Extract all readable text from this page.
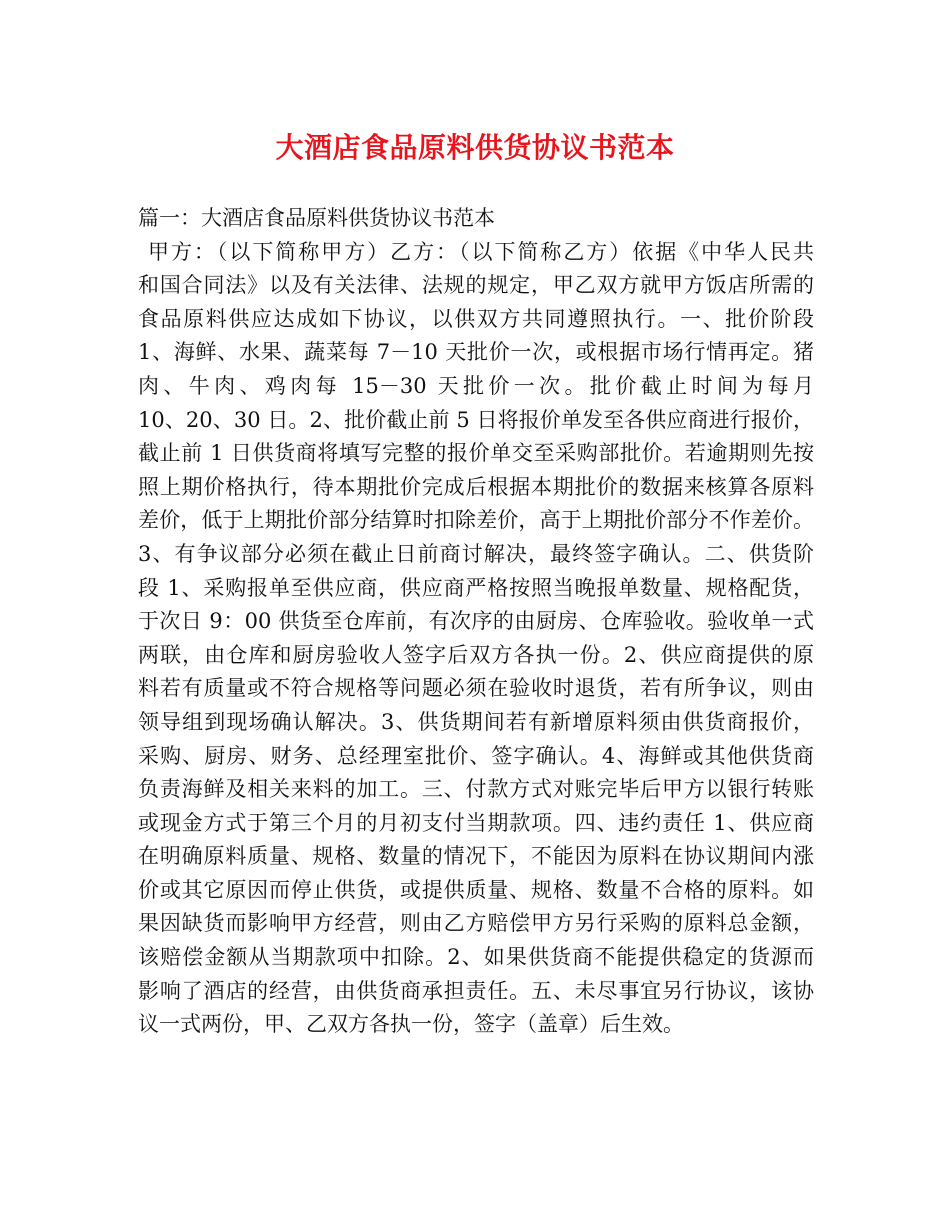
大酒店食品原料供货协议书范本
篇一：大酒店食品原料供货协议书范本
甲方：（以下简称甲方）乙方：（以下简称乙方）依据《中华人民共
和国合同法》以及有关法律、法规的规定，甲乙双方就甲方饭店所需的
食品原料供应达成如下协议，以供双方共同遵照执行。一、批价阶段
1、海鲜、水果、蔬菜每 7－10 天批价一次，或根据市场行情再定。猪
肉、牛肉、鸡肉每 15－30 天批价一次。批价截止时间为每月
10、20、30 日。2、批价截止前 5 日将报价单发至各供应商进行报价，
截止前 1 日供货商将填写完整的报价单交至采购部批价。若逾期则先按
照上期价格执行，待本期批价完成后根据本期批价的数据来核算各原料
差价，低于上期批价部分结算时扣除差价，高于上期批价部分不作差价。
3、有争议部分必须在截止日前商讨解决，最终签字确认。二、供货阶
段 1、采购报单至供应商，供应商严格按照当晚报单数量、规格配货，
于次日 9：00 供货至仓库前，有次序的由厨房、仓库验收。验收单一式
两联，由仓库和厨房验收人签字后双方各执一份。2、供应商提供的原
料若有质量或不符合规格等问题必须在验收时退货，若有所争议，则由
领导组到现场确认解决。3、供货期间若有新增原料须由供货商报价，
采购、厨房、财务、总经理室批价、签字确认。4、海鲜或其他供货商
负责海鲜及相关来料的加工。三、付款方式对账完毕后甲方以银行转账
或现金方式于第三个月的月初支付当期款项。四、违约责任 1、供应商
在明确原料质量、规格、数量的情况下，不能因为原料在协议期间内涨
价或其它原因而停止供货，或提供质量、规格、数量不合格的原料。如
果因缺货而影响甲方经营，则由乙方赔偿甲方另行采购的原料总金额，
该赔偿金额从当期款项中扣除。2、如果供货商不能提供稳定的货源而
影响了酒店的经营，由供货商承担责任。五、未尽事宜另行协议，该协
议一式两份，甲、乙双方各执一份，签字（盖章）后生效。
